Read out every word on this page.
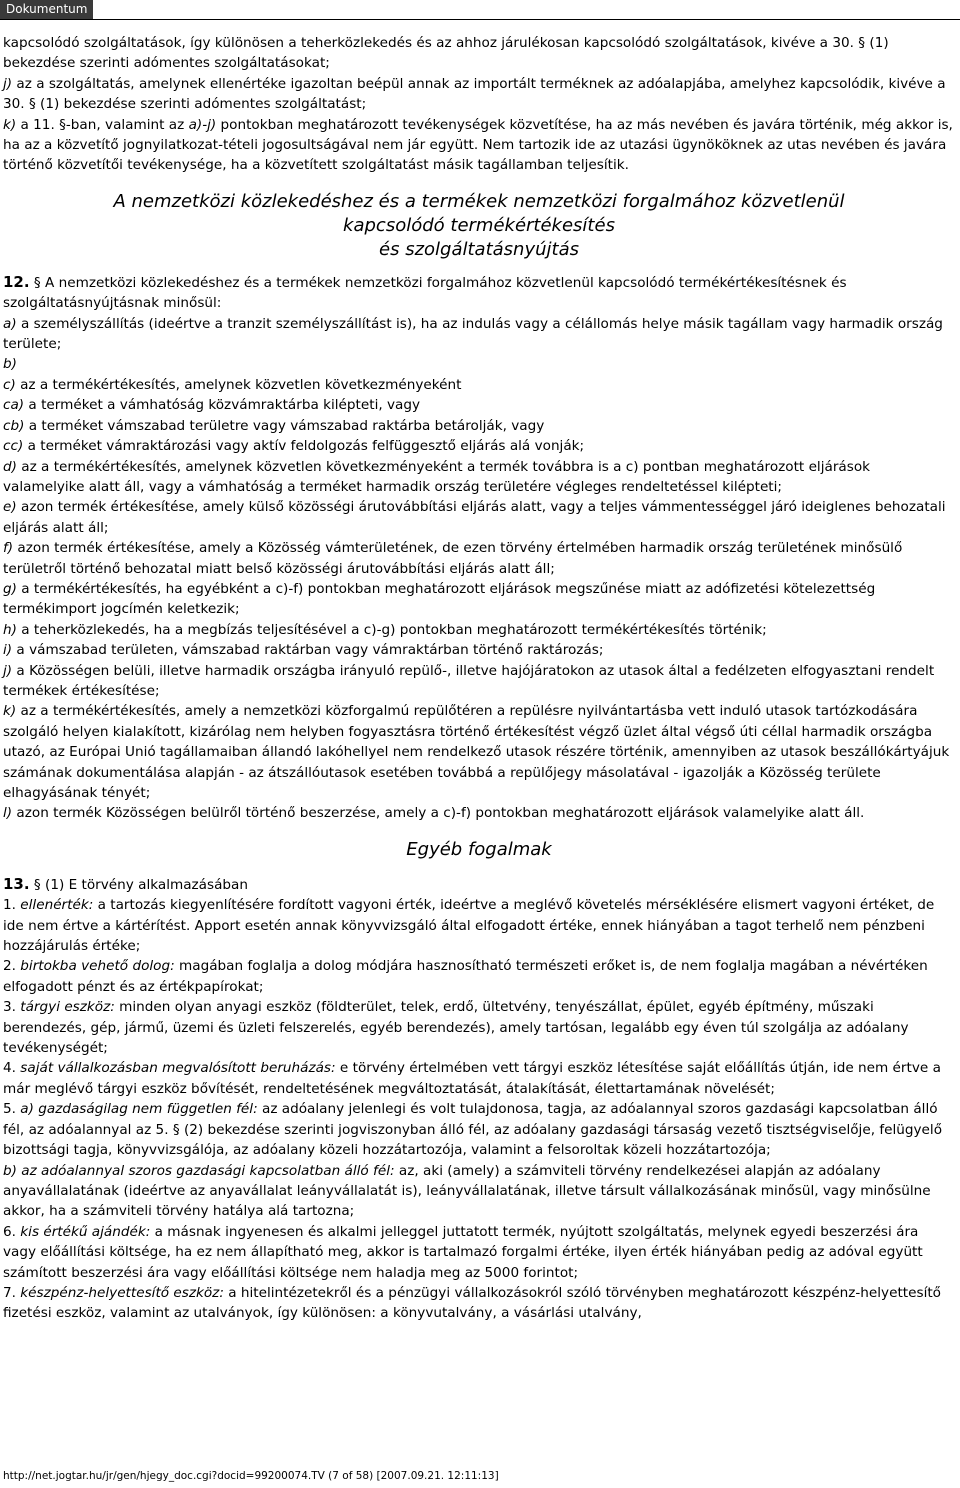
Dokumentum

kapcsolódó szolgáltatások, így különösen a teherközlekedés és az ahhoz járulékosan kapcsolódó szolgáltatások, kivéve a 30. § (1) bekezdése szerinti adómentes szolgáltatásokat;

j) az a szolgáltatás, amelynek ellenértéke igazoltan beépül annak az importált terméknek az adóalapjába, amelyhez kapcsolódik, kivéve a 30. § (1) bekezdése szerinti adómentes szolgáltatást;

k) a 11. §-ban, valamint az a)-j) pontokban meghatározott tevékenységek közvetítése, ha az más nevében és javára történik, még akkor is, ha az a közvetítő jognyilatkozat-tételi jogosultságával nem jár együtt. Nem tartozik ide az utazási ügynököknek az utas nevében és javára történő közvetítői tevékenysége, ha a közvetített szolgáltatást másik tagállamban teljesítik.

A nemzetközi közlekedéshez és a termékek nemzetközi forgalmához közvetlenül
kapcsolódó termékértékesítés
és szolgáltatásnyújtás

12. § A nemzetközi közlekedéshez és a termékek nemzetközi forgalmához közvetlenül kapcsolódó termékértékesítésnek és szolgáltatásnyújtásnak minősül:

a) a személyszállítás (ideértve a tranzit személyszállítást is), ha az indulás vagy a célállomás helye másik tagállam vagy harmadik ország területe;

b)

c) az a termékértékesítés, amelynek közvetlen következményeként

ca) a terméket a vámhatóság közvámraktárba kilépteti, vagy

cb) a terméket vámszabad területre vagy vámszabad raktárba betárolják, vagy

cc) a terméket vámraktározási vagy aktív feldolgozás felfüggesztő eljárás alá vonják;

d) az a termékértékesítés, amelynek közvetlen következményeként a termék továbbra is a c) pontban meghatározott eljárások valamelyike alatt áll, vagy a vámhatóság a terméket harmadik ország területére végleges rendeltetéssel kilépteti;

e) azon termék értékesítése, amely külső közösségi árutovábbítási eljárás alatt, vagy a teljes vámmentességgel járó ideiglenes behozatali eljárás alatt áll;

f) azon termék értékesítése, amely a Közösség vámterületének, de ezen törvény értelmében harmadik ország területének minősülő területről történő behozatal miatt belső közösségi árutovábbítási eljárás alatt áll;

g) a termékértékesítés, ha egyébként a c)-f) pontokban meghatározott eljárások megszűnése miatt az adófizetési kötelezettség termékimport jogcímén keletkezik;

h) a teherközlekedés, ha a megbízás teljesítésével a c)-g) pontokban meghatározott termékértékesítés történik;

i) a vámszabad területen, vámszabad raktárban vagy vámraktárban történő raktározás;

j) a Közösségen belüli, illetve harmadik országba irányuló repülő-, illetve hajójáratokon az utasok által a fedélzeten elfogyasztani rendelt termékek értékesítése;

k) az a termékértékesítés, amely a nemzetközi közforgalmú repülőtéren a repülésre nyilvántartásba vett induló utasok tartózkodására szolgáló helyen kialakított, kizárólag nem helyben fogyasztásra történő értékesítést végző üzlet által végső úti céllal harmadik országba utazó, az Európai Unió tagállamaiban állandó lakóhellyel nem rendelkező utasok részére történik, amennyiben az utasok beszállókártyájuk számának dokumentálása alapján - az átszállóutasok esetében továbbá a repülőjegy másolatával - igazolják a Közösség területe elhagyásának tényét;

l) azon termék Közösségen belülről történő beszerzése, amely a c)-f) pontokban meghatározott eljárások valamelyike alatt áll.

Egyéb fogalmak

13. § (1) E törvény alkalmazásában

1. ellenérték: a tartozás kiegyenlítésére fordított vagyoni érték, ideértve a meglévő követelés mérséklésére elismert vagyoni értéket, de ide nem értve a kártérítést. Apport esetén annak könyvvizsgáló által elfogadott értéke, ennek hiányában a tagot terhelő nem pénzbeni hozzájárulás értéke;

2. birtokba vehető dolog: magában foglalja a dolog módjára hasznosítható természeti erőket is, de nem foglalja magában a névértéken elfogadott pénzt és az értékpapírokat;

3. tárgyi eszköz: minden olyan anyagi eszköz (földterület, telek, erdő, ültetvény, tenyészállat, épület, egyéb építmény, műszaki berendezés, gép, jármű, üzemi és üzleti felszerelés, egyéb berendezés), amely tartósan, legalább egy éven túl szolgálja az adóalany tevékenységét;

4. saját vállalkozásban megvalósított beruházás: e törvény értelmében vett tárgyi eszköz létesítése saját előállítás útján, ide nem értve a már meglévő tárgyi eszköz bővítését, rendeltetésének megváltoztatását, átalakítását, élettartamának növelését;

5. a) gazdaságilag nem független fél: az adóalany jelenlegi és volt tulajdonosa, tagja, az adóalannyal szoros gazdasági kapcsolatban álló fél, az adóalannyal az 5. § (2) bekezdése szerinti jogviszonyban álló fél, az adóalany gazdasági társaság vezető tisztségviselője, felügyelő bizottsági tagja, könyvvizsgálója, az adóalany közeli hozzátartozója, valamint a felsoroltak közeli hozzátartozója;

b) az adóalannyal szoros gazdasági kapcsolatban álló fél: az, aki (amely) a számviteli törvény rendelkezései alapján az adóalany anyavállalatának (ideértve az anyavállalat leányvállalatát is), leányvállalatának, illetve társult vállalkozásának minősül, vagy minősülne akkor, ha a számviteli törvény hatálya alá tartozna;

6. kis értékű ajándék: a másnak ingyenesen és alkalmi jelleggel juttatott termék, nyújtott szolgáltatás, melynek egyedi beszerzési ára vagy előállítási költsége, ha ez nem állapítható meg, akkor is tartalmazó forgalmi értéke, ilyen érték hiányában pedig az adóval együtt számított beszerzési ára vagy előállítási költsége nem haladja meg az 5000 forintot;

7. készpénz-helyettesítő eszköz: a hitelintézetekről és a pénzügyi vállalkozásokról szóló törvényben meghatározott készpénz-helyettesítő fizetési eszköz, valamint az utalványok, így különösen: a könyvutalvány, a vásárlási utalvány,

http://net.jogtar.hu/jr/gen/hjegy_doc.cgi?docid=99200074.TV (7 of 58) [2007.09.21. 12:11:13]
